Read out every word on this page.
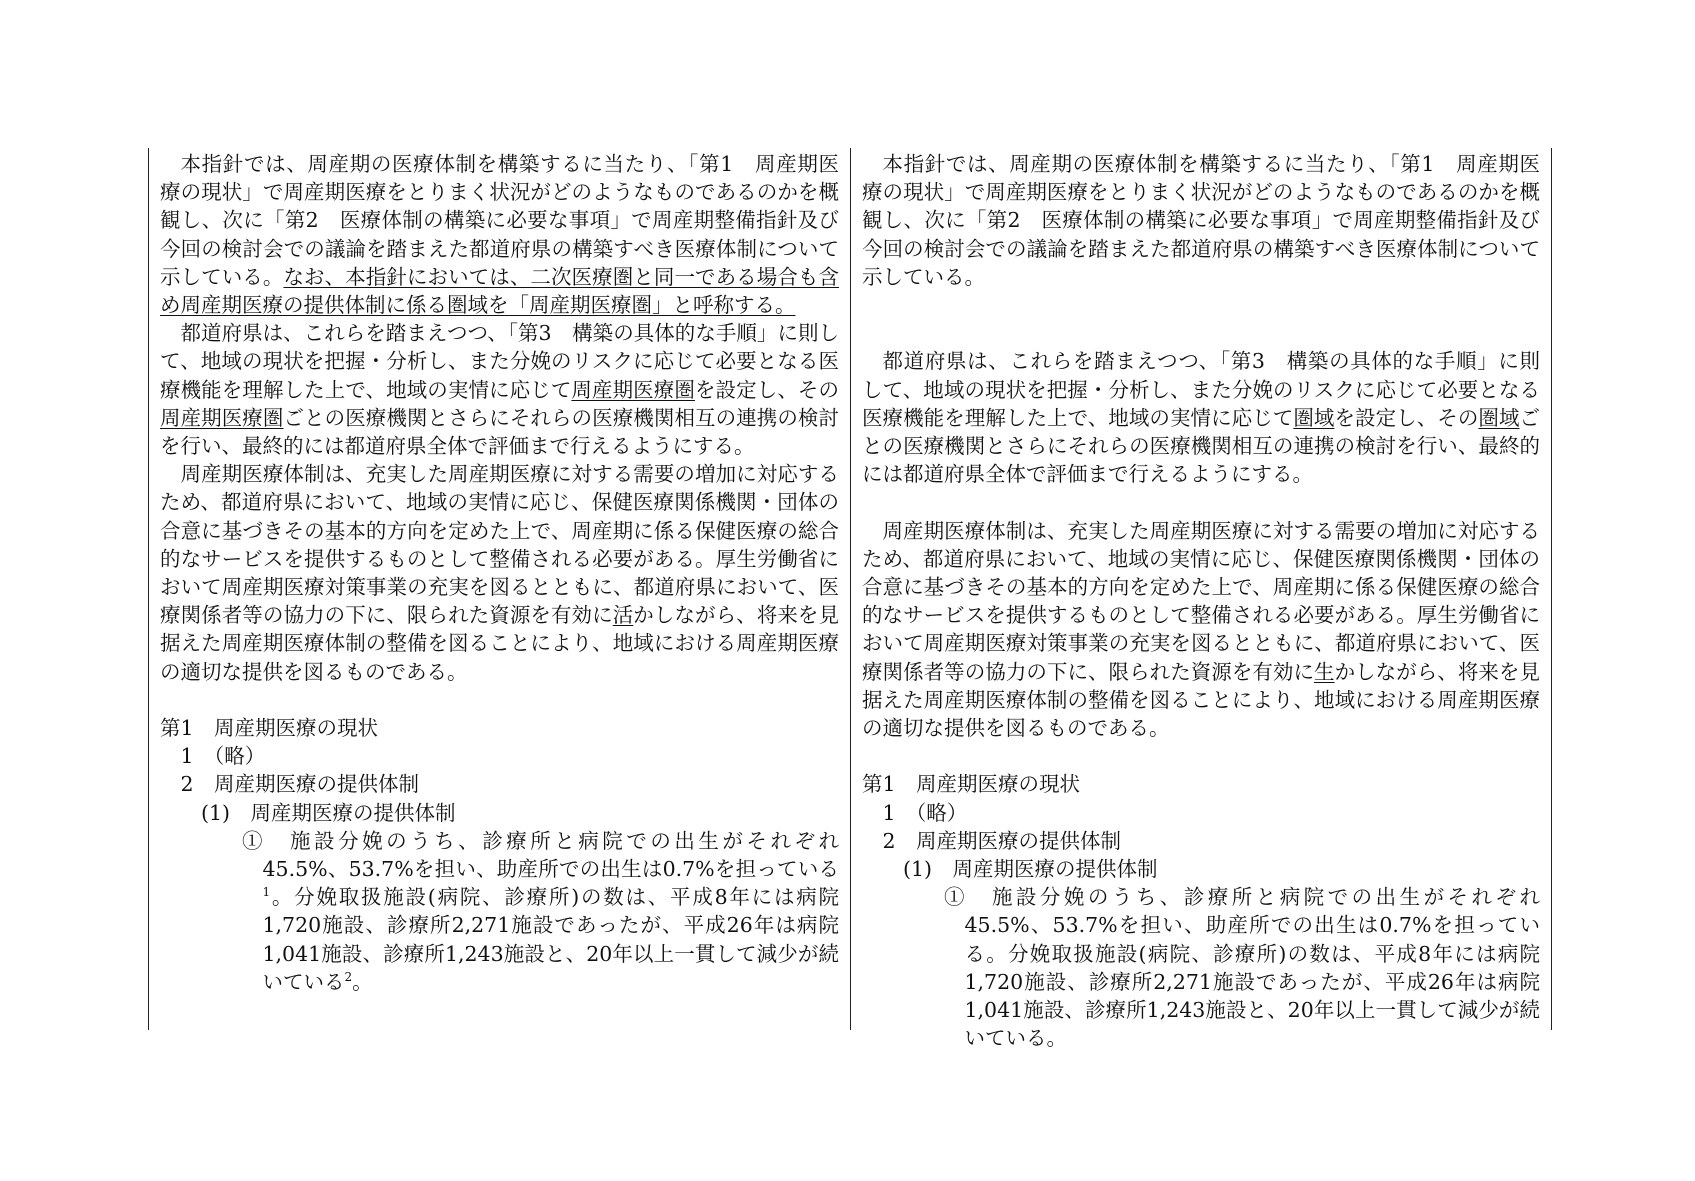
本指針では、周産期の医療体制を構築するに当たり、「第1　周産期医療の現状」で周産期医療をとりまく状況がどのようなものであるのかを概観し、次に「第2　医療体制の構築に必要な事項」で周産期整備指針及び今回の検討会での議論を踏まえた都道府県の構築すべき医療体制について示している。なお、本指針においては、二次医療圏と同一である場合も含め周産期医療の提供体制に係る圏域を「周産期医療圏」と呼称する。

都道府県は、これらを踏まえつつ、「第3　構築の具体的な手順」に則して、地域の現状を把握・分析し、また分娩のリスクに応じて必要となる医療機能を理解した上で、地域の実情に応じて周産期医療圏を設定し、その周産期医療圏ごとの医療機関とさらにそれらの医療機関相互の連携の検討を行い、最終的には都道府県全体で評価まで行えるようにする。

周産期医療体制は、充実した周産期医療に対する需要の増加に対応するため、都道府県において、地域の実情に応じ、保健医療関係機関・団体の合意に基づきその基本的方向を定めた上で、周産期に係る保健医療の総合的なサービスを提供するものとして整備される必要がある。厚生労働省において周産期医療対策事業の充実を図るとともに、都道府県において、医療関係者等の協力の下に、限られた資源を有効に活かしながら、将来を見据えた周産期医療体制の整備を図ることにより、地域における周産期医療の適切な提供を図るものである。

第1　周産期医療の現状

1　（略）

2　周産期医療の提供体制

(1)　周産期医療の提供体制

①　施設分娩のうち、診療所と病院での出生がそれぞれ45.5%、53.7%を担い、助産所での出生は0.7%を担っている$^1$。分娩取扱施設(病院、診療所)の数は、平成8年には病院1,720施設、診療所2,271施設であったが、平成26年は病院1,041施設、診療所1,243施設と、20年以上一貫して減少が続いている$^2$。

本指針では、周産期の医療体制を構築するに当たり、「第1　周産期医療の現状」で周産期医療をとりまく状況がどのようなものであるのかを概観し、次に「第2　医療体制の構築に必要な事項」で周産期整備指針及び今回の検討会での議論を踏まえた都道府県の構築すべき医療体制について示している。

都道府県は、これらを踏まえつつ、「第3　構築の具体的な手順」に則して、地域の現状を把握・分析し、また分娩のリスクに応じて必要となる医療機能を理解した上で、地域の実情に応じて圏域を設定し、その圏域ごとの医療機関とさらにそれらの医療機関相互の連携の検討を行い、最終的には都道府県全体で評価まで行えるようにする。

周産期医療体制は、充実した周産期医療に対する需要の増加に対応するため、都道府県において、地域の実情に応じ、保健医療関係機関・団体の合意に基づきその基本的方向を定めた上で、周産期に係る保健医療の総合的なサービスを提供するものとして整備される必要がある。厚生労働省において周産期医療対策事業の充実を図るとともに、都道府県において、医療関係者等の協力の下に、限られた資源を有効に生かしながら、将来を見据えた周産期医療体制の整備を図ることにより、地域における周産期医療の適切な提供を図るものである。

第1　周産期医療の現状

1　（略）

2　周産期医療の提供体制

(1)　周産期医療の提供体制

①　施設分娩のうち、診療所と病院での出生がそれぞれ45.5%、53.7%を担い、助産所での出生は0.7%を担っている。分娩取扱施設(病院、診療所)の数は、平成8年には病院1,720施設、診療所2,271施設であったが、平成26年は病院1,041施設、診療所1,243施設と、20年以上一貫して減少が続いている。
